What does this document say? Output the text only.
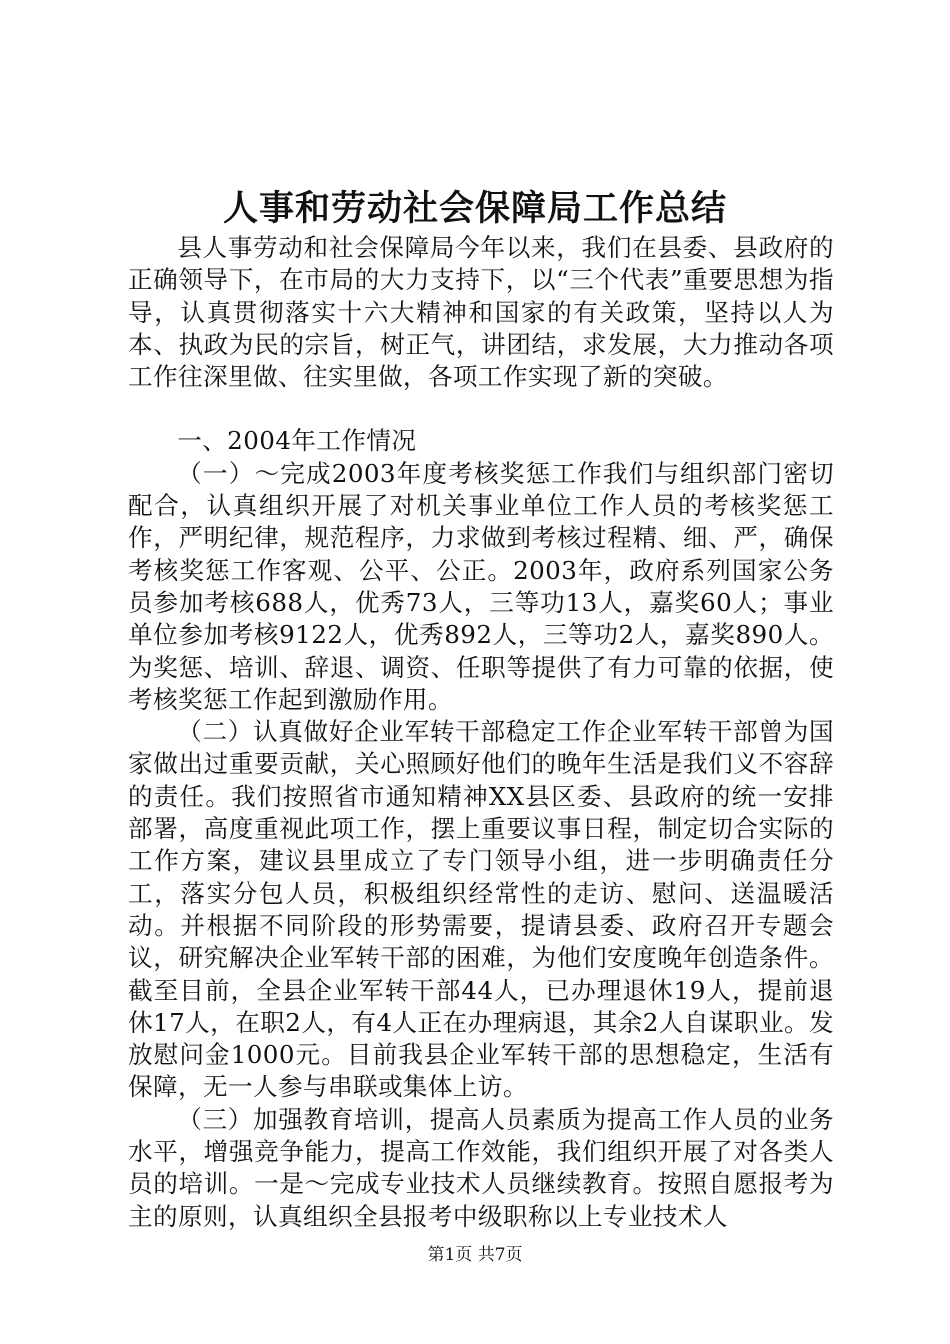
人事和劳动社会保障局工作总结

县人事劳动和社会保障局今年以来，我们在县委、县政府的正确领导下，在市局的大力支持下，以“三个代表”重要思想为指导，认真贯彻落实十六大精神和国家的有关政策，坚持以人为本、执政为民的宗旨，树正气，讲团结，求发展，大力推动各项工作往深里做、往实里做，各项工作实现了新的突破。

一、2004年工作情况

（一）～完成2003年度考核奖惩工作我们与组织部门密切配合，认真组织开展了对机关事业单位工作人员的考核奖惩工作，严明纪律，规范程序，力求做到考核过程精、细、严，确保考核奖惩工作客观、公平、公正。2003年，政府系列国家公务员参加考核688人，优秀73人，三等功13人，嘉奖60人；事业单位参加考核9122人，优秀892人，三等功2人，嘉奖890人。为奖惩、培训、辞退、调资、任职等提供了有力可靠的依据，使考核奖惩工作起到激励作用。

（二）认真做好企业军转干部稳定工作企业军转干部曾为国家做出过重要贡献，关心照顾好他们的晚年生活是我们义不容辞的责任。我们按照省市通知精神XX县区委、县政府的统一安排部署，高度重视此项工作，摆上重要议事日程，制定切合实际的工作方案，建议县里成立了专门领导小组，进一步明确责任分工，落实分包人员，积极组织经常性的走访、慰问、送温暖活动。并根据不同阶段的形势需要，提请县委、政府召开专题会议，研究解决企业军转干部的困难，为他们安度晚年创造条件。截至目前，全县企业军转干部44人，已办理退休19人，提前退休17人，在职2人，有4人正在办理病退，其余2人自谋职业。发放慰问金1000元。目前我县企业军转干部的思想稳定，生活有保障，无一人参与串联或集体上访。

（三）加强教育培训，提高人员素质为提高工作人员的业务水平，增强竞争能力，提高工作效能，我们组织开展了对各类人员的培训。一是～完成专业技术人员继续教育。按照自愿报考为主的原则，认真组织全县报考中级职称以上专业技术人

第1页 共7页
